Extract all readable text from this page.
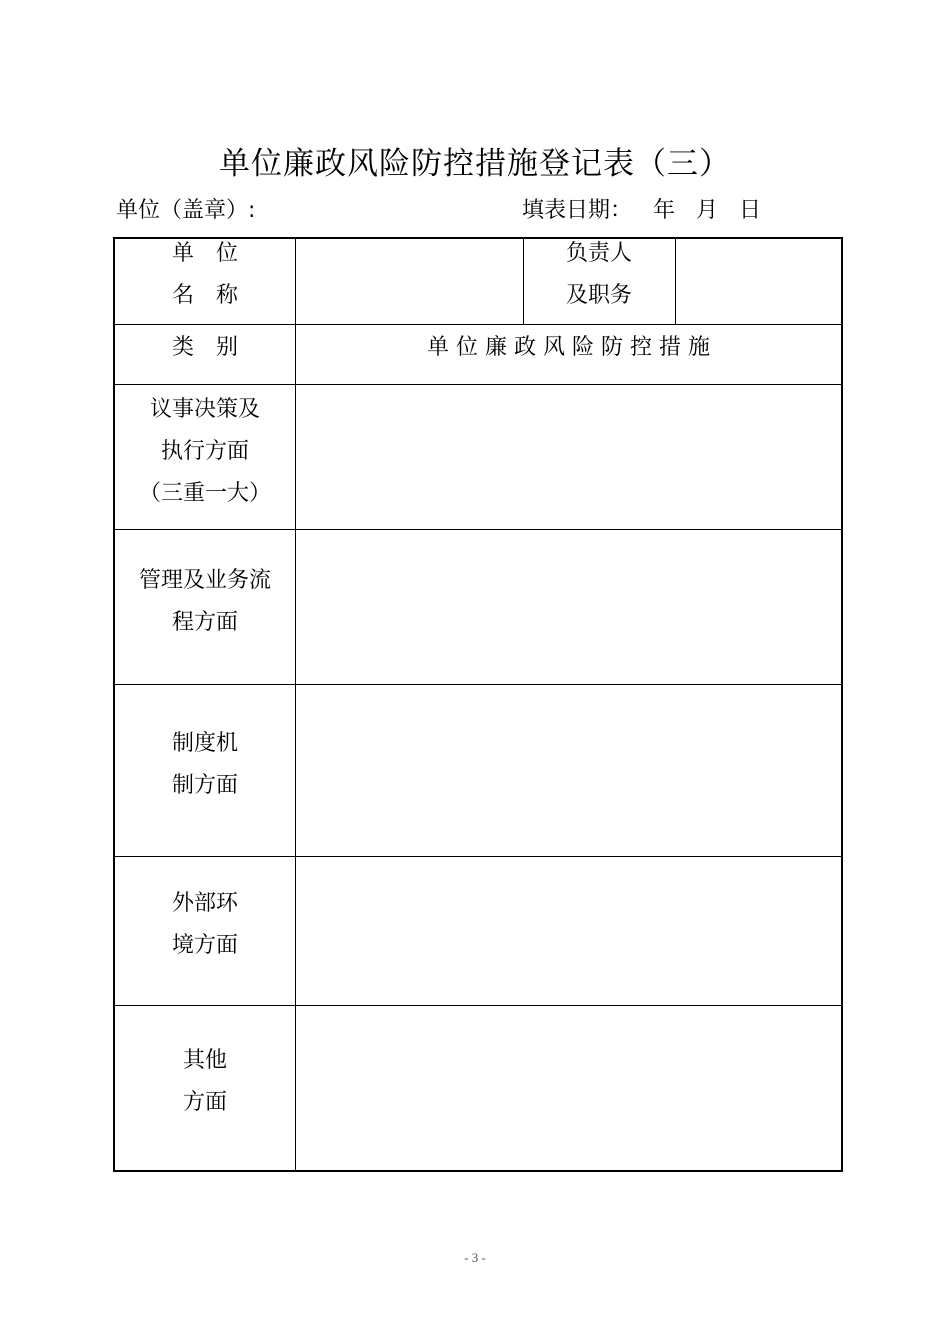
单位廉政风险防控措施登记表（三）
单位（盖章）:	填表日期：   年   月   日
单　位
名　称
负责人
及职务
类　别	单 位 廉 政 风 险 防 控 措 施
议事决策及
执行方面
（三重一大）
管理及业务流
程方面
制度机
制方面
外部环
境方面
其他
方面
- 3 -
